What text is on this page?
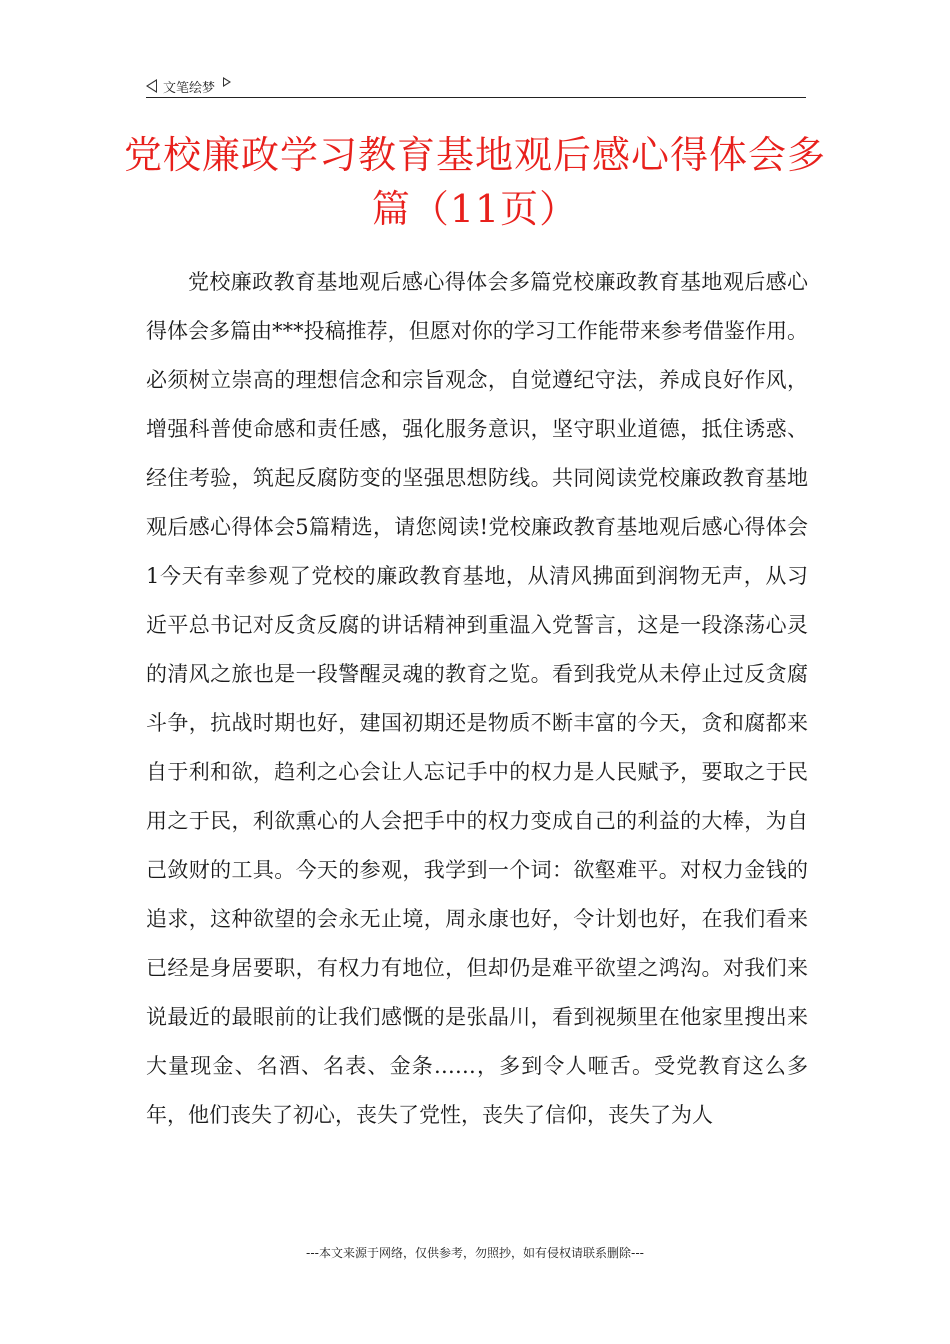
文笔绘梦
党校廉政学习教育基地观后感心得体会多篇（11页）
党校廉政教育基地观后感心得体会多篇党校廉政教育基地观后感心得体会多篇由***投稿推荐，但愿对你的学习工作能带来参考借鉴作用。必须树立崇高的理想信念和宗旨观念，自觉遵纪守法，养成良好作风，增强科普使命感和责任感，强化服务意识，坚守职业道德，抵住诱惑、经住考验，筑起反腐防变的坚强思想防线。共同阅读党校廉政教育基地观后感心得体会5篇精选，请您阅读!党校廉政教育基地观后感心得体会1今天有幸参观了党校的廉政教育基地，从清风拂面到润物无声，从习近平总书记对反贪反腐的讲话精神到重温入党誓言，这是一段涤荡心灵的清风之旅也是一段警醒灵魂的教育之览。看到我党从未停止过反贪腐斗争，抗战时期也好，建国初期还是物质不断丰富的今天，贪和腐都来自于利和欲，趋利之心会让人忘记手中的权力是人民赋予，要取之于民用之于民，利欲熏心的人会把手中的权力变成自己的利益的大棒，为自己敛财的工具。今天的参观，我学到一个词：欲壑难平。对权力金钱的追求，这种欲望的会永无止境，周永康也好，令计划也好，在我们看来已经是身居要职，有权力有地位，但却仍是难平欲望之鸿沟。对我们来说最近的最眼前的让我们感慨的是张晶川，看到视频里在他家里搜出来大量现金、名酒、名表、金条……，多到令人咂舌。受党教育这么多年，他们丧失了初心，丧失了党性，丧失了信仰，丧失了为人
---本文来源于网络，仅供参考，勿照抄，如有侵权请联系删除---
